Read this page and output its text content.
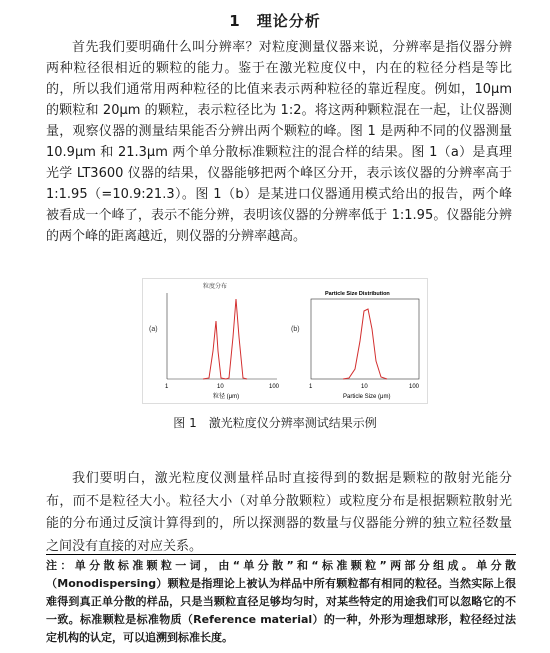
1　理论分析

首先我们要明确什么叫分辨率？对粒度测量仪器来说，分辨率是指仪器分辨两种粒径很相近的颗粒的能力。鉴于在激光粒度仪中，内在的粒径分档是等比的，所以我们通常用两种粒径的比值来表示两种粒径的靠近程度。例如，10μm 的颗粒和 20μm 的颗粒，表示粒径比为 1:2。将这两种颗粒混在一起，让仪器测量，观察仪器的测量结果能否分辨出两个颗粒的峰。图 1 是两种不同的仪器测量 10.9μm 和 21.3μm 两个单分散标准颗粒注的混合样的结果。图 1（a）是真理光学 LT3600 仪器的结果，仪器能够把两个峰区分开，表示该仪器的分辨率高于 1:1.95（=10.9:21.3）。图 1（b）是某进口仪器通用模式给出的报告，两个峰被看成一个峰了，表示不能分辨，表明该仪器的分辨率低于 1:1.95。仪器能分辨的两个峰的距离越近，则仪器的分辨率越高。

(a)
粒度分布
1	10	100
粒径 (μm)
(b)
Particle Size Distribution
1	10	100
Particle Size (μm)
图 1　激光粒度仪分辨率测试结果示例

我们要明白，激光粒度仪测量样品时直接得到的数据是颗粒的散射光能分布，而不是粒径大小。粒径大小（对单分散颗粒）或粒度分布是根据颗粒散射光能的分布通过反演计算得到的，所以探测器的数量与仪器能分辨的独立粒径数量之间没有直接的对应关系。

注：单分散标准颗粒一词，由“单分散”和“标准颗粒”两部分组成。单分散（Monodispersing）颗粒是指理论上被认为样品中所有颗粒都有相同的粒径。当然实际上很难得到真正单分散的样品，只是当颗粒直径足够均匀时，对某些特定的用途我们可以忽略它的不一致。标准颗粒是标准物质（Reference material）的一种，外形为理想球形，粒径经过法定机构的认定，可以追溯到标准长度。
